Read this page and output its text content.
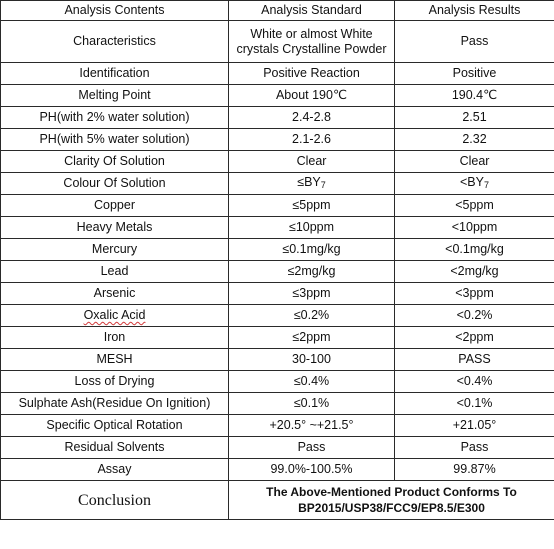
Analysis Contents	Analysis Standard	Analysis Results
Characteristics	White or almost White crystals Crystalline Powder	Pass
Identification	Positive Reaction	Positive
Melting Point	About 190℃	190.4℃
PH(with 2% water solution)	2.4-2.8	2.51
PH(with 5% water solution)	2.1-2.6	2.32
Clarity Of Solution	Clear	Clear
Colour Of Solution	$\le BY_7$	$<BY_7$
Copper	≤5ppm	<5ppm
Heavy Metals	≤10ppm	<10ppm
Mercury	≤0.1mg/kg	<0.1mg/kg
Lead	≤2mg/kg	<2mg/kg
Arsenic	≤3ppm	<3ppm
Oxalic Acid	≤0.2%	<0.2%
Iron	≤2ppm	<2ppm
MESH	30-100	PASS
Loss of Drying	≤0.4%	<0.4%
Sulphate Ash(Residue On Ignition)	≤0.1%	<0.1%
Specific Optical Rotation	+20.5° ~+21.5°	+21.05°
Residual Solvents	Pass	Pass
Assay	99.0%-100.5%	99.87%
Conclusion	The Above-Mentioned Product Conforms To BP2015/USP38/FCC9/EP8.5/E300	
